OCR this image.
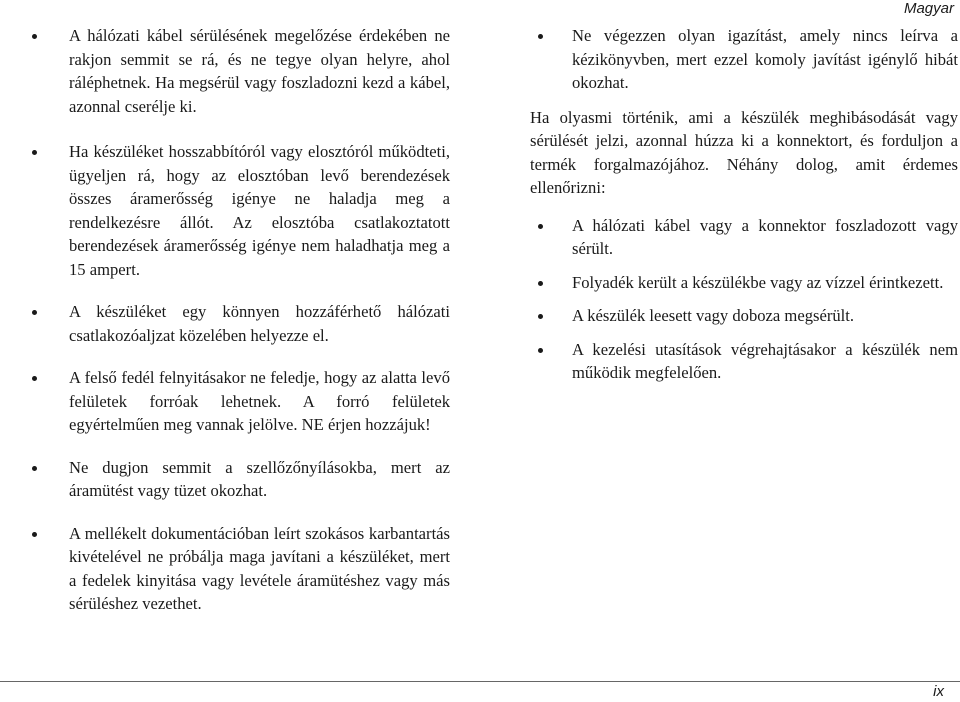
Magyar
A hálózati kábel sérülésének megelőzése érdekében ne rakjon semmit se rá, és ne tegye olyan helyre, ahol ráléphetnek. Ha megsérül vagy foszladozni kezd a kábel, azonnal cserélje ki.
Ha készüléket hosszabbítóról vagy elosztóról működteti, ügyeljen rá, hogy az elosztóban levő berendezések összes áramerősség igénye ne haladja meg a rendelkezésre állót. Az elosztóba csatlakoztatott berendezések áramerősség igénye nem haladhatja meg a 15 ampert.
A készüléket egy könnyen hozzáférhető hálózati csatlakozóaljzat közelében helyezze el.
A felső fedél felnyitásakor ne feledje, hogy az alatta levő felületek forróak lehetnek. A forró felületek egyértelműen meg vannak jelölve. NE érjen hozzájuk!
Ne dugjon semmit a szellőzőnyílásokba, mert az áramütést vagy tüzet okozhat.
A mellékelt dokumentációban leírt szokásos karbantartás kivételével ne próbálja maga javítani a készüléket, mert a fedelek kinyitása vagy levétele áramütéshez vagy más sérüléshez vezethet.
Ne végezzen olyan igazítást, amely nincs leírva a kézikönyvben, mert ezzel komoly javítást igénylő hibát okozhat.

Ha olyasmi történik, ami a készülék meghibásodását vagy sérülését jelzi, azonnal húzza ki a konnektort, és forduljon a termék forgalmazójához. Néhány dolog, amit érdemes ellenőrizni:

A hálózati kábel vagy a konnektor foszladozott vagy sérült.
Folyadék került a készülékbe vagy az vízzel érintkezett.
A készülék leesett vagy doboza megsérült.
A kezelési utasítások végrehajtásakor a készülék nem működik megfelelően.
ix
